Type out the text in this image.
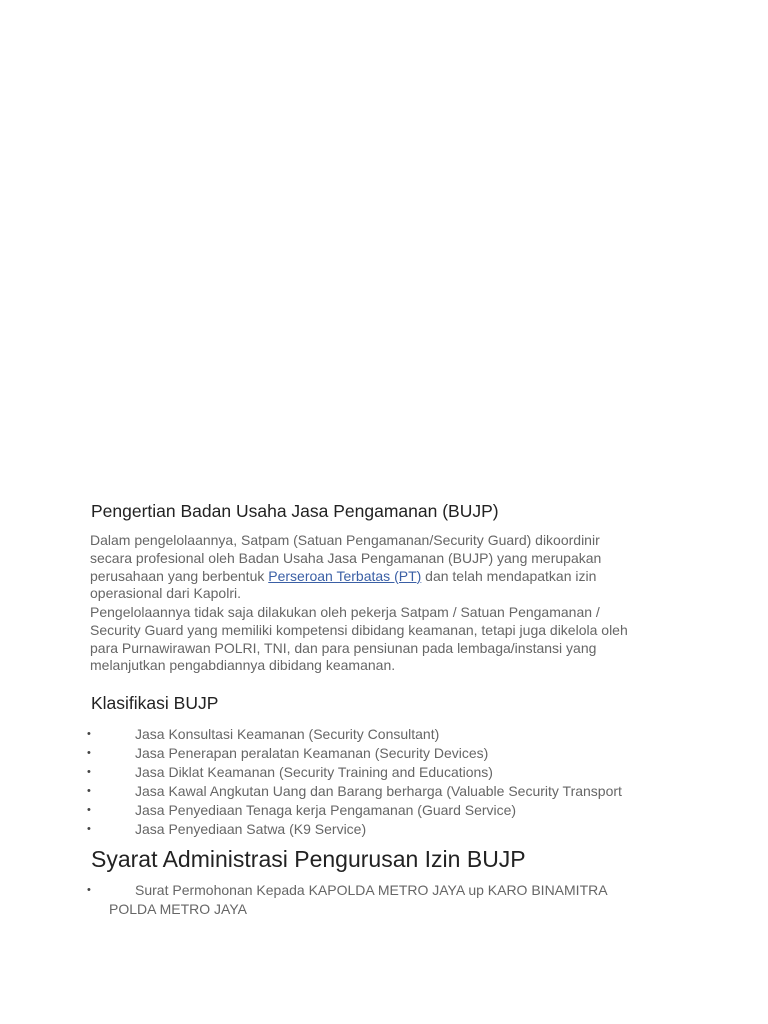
Pengertian Badan Usaha Jasa Pengamanan (BUJP)

Dalam pengelolaannya, Satpam (Satuan Pengamanan/Security Guard) dikoordinir
secara profesional oleh Badan Usaha Jasa Pengamanan (BUJP) yang merupakan
perusahaan yang berbentuk Perseroan Terbatas (PT) dan telah mendapatkan izin
operasional dari Kapolri.

Pengelolaannya tidak saja dilakukan oleh pekerja Satpam / Satuan Pengamanan /
Security Guard yang memiliki kompetensi dibidang keamanan, tetapi juga dikelola oleh
para Purnawirawan POLRI, TNI, dan para pensiunan pada lembaga/instansi yang
melanjutkan pengabdiannya dibidang keamanan.

Klasifikasi BUJP
•	Jasa Konsultasi Keamanan (Security Consultant)
•	Jasa Penerapan peralatan Keamanan (Security Devices)
•	Jasa Diklat Keamanan (Security Training and Educations)
•	Jasa Kawal Angkutan Uang dan Barang berharga (Valuable Security Transport
•	Jasa Penyediaan Tenaga kerja Pengamanan (Guard Service)
•	Jasa Penyediaan Satwa (K9 Service)
Syarat Administrasi Pengurusan Izin BUJP
•	Surat Permohonan Kepada KAPOLDA METRO JAYA up KARO BINAMITRA
POLDA METRO JAYA
